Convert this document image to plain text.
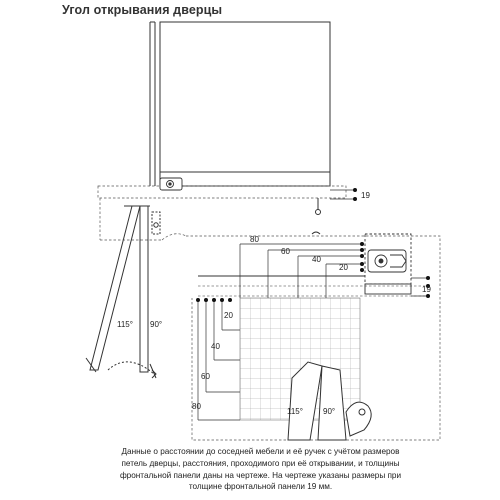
Угол открывания дверцы
19
115° 90°
80
60
40
20
20
40
60
80
19
115°	90°
Данные о расстоянии до соседней мебели и её ручек с учётом размеров
петель дверцы, расстояния, проходимого при её открывании, и толщины
фронтальной панели даны на чертеже. На чертеже указаны размеры при
толщине фронтальной панели 19 мм.
